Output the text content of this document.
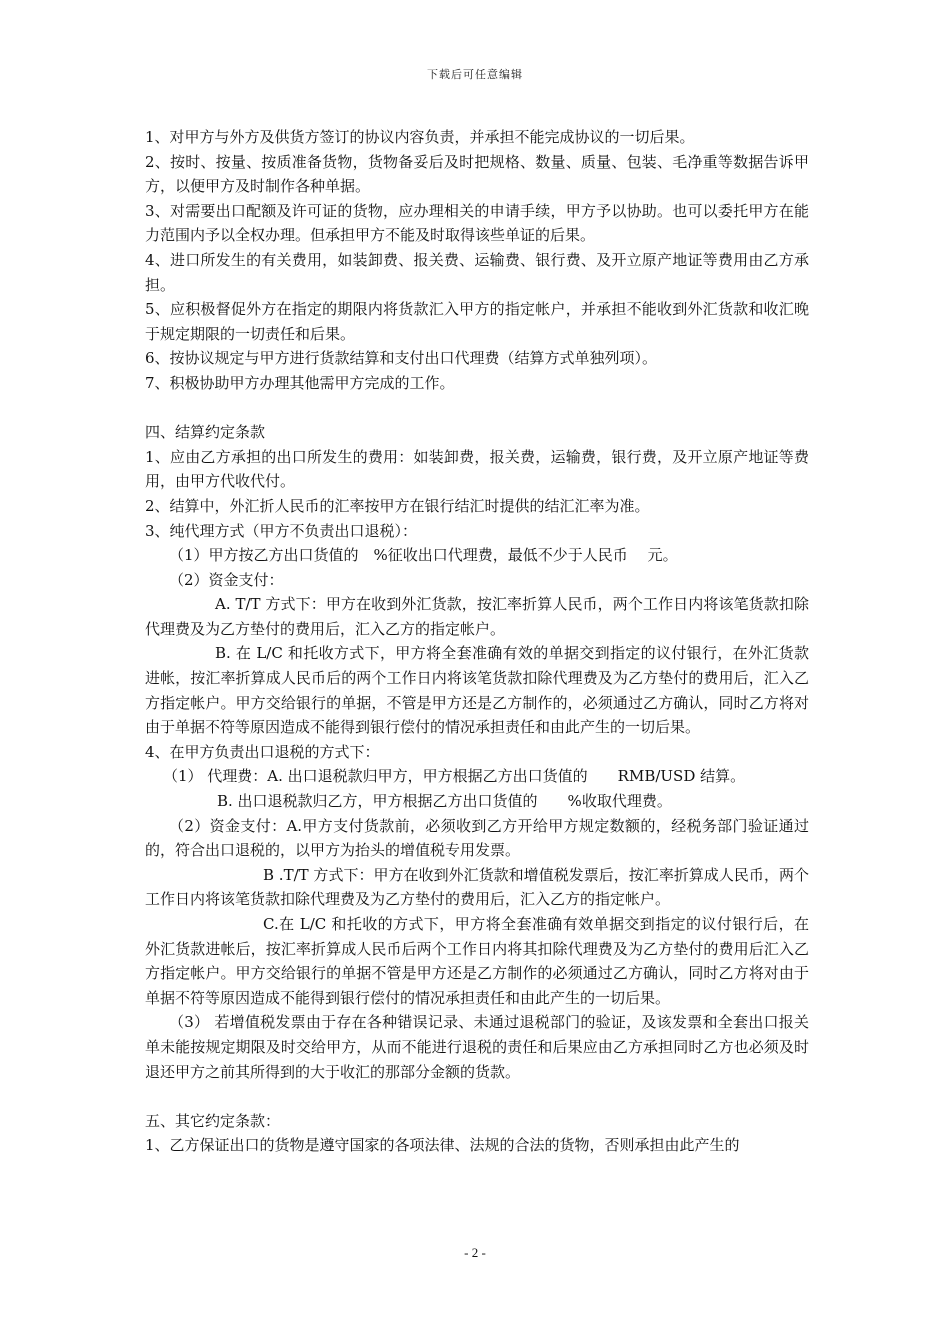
下载后可任意编辑

1、对甲方与外方及供货方签订的协议内容负责，并承担不能完成协议的一切后果。

2、按时、按量、按质准备货物，货物备妥后及时把规格、数量、质量、包装、毛净重等数据告诉甲方，以便甲方及时制作各种单据。

3、对需要出口配额及许可证的货物，应办理相关的申请手续，甲方予以协助。也可以委托甲方在能力范围内予以全权办理。但承担甲方不能及时取得该些单证的后果。

4、进口所发生的有关费用，如装卸费、报关费、运输费、银行费、及开立原产地证等费用由乙方承担。

5、应积极督促外方在指定的期限内将货款汇入甲方的指定帐户，并承担不能收到外汇货款和收汇晚于规定期限的一切责任和后果。

6、按协议规定与甲方进行货款结算和支付出口代理费（结算方式单独列项）。

7、积极协助甲方办理其他需甲方完成的工作。

四、结算约定条款

1、应由乙方承担的出口所发生的费用：如装卸费，报关费，运输费，银行费，及开立原产地证等费用，由甲方代收代付。

2、结算中，外汇折人民币的汇率按甲方在银行结汇时提供的结汇汇率为准。

3、纯代理方式（甲方不负责出口退税）：

（1）甲方按乙方出口货值的　%征收出口代理费，最低不少于人民币　 元。

（2）资金支付：

A. T/T 方式下：甲方在收到外汇货款，按汇率折算人民币，两个工作日内将该笔货款扣除代理费及为乙方垫付的费用后，汇入乙方的指定帐户。

B. 在 L/C 和托收方式下，甲方将全套准确有效的单据交到指定的议付银行，在外汇货款进帐，按汇率折算成人民币后的两个工作日内将该笔货款扣除代理费及为乙方垫付的费用后，汇入乙方指定帐户。甲方交给银行的单据，不管是甲方还是乙方制作的，必须通过乙方确认，同时乙方将对由于单据不符等原因造成不能得到银行偿付的情况承担责任和由此产生的一切后果。

4、在甲方负责出口退税的方式下：

（1） 代理费：A. 出口退税款归甲方，甲方根据乙方出口货值的　　RMB/USD 结算。

B. 出口退税款归乙方，甲方根据乙方出口货值的　　%收取代理费。

（2）资金支付：A.甲方支付货款前，必须收到乙方开给甲方规定数额的，经税务部门验证通过的，符合出口退税的，以甲方为抬头的增值税专用发票。

B .T/T 方式下：甲方在收到外汇货款和增值税发票后，按汇率折算成人民币，两个工作日内将该笔货款扣除代理费及为乙方垫付的费用后，汇入乙方的指定帐户。

C.在 L/C 和托收的方式下，甲方将全套准确有效单据交到指定的议付银行后，在外汇货款进帐后，按汇率折算成人民币后两个工作日内将其扣除代理费及为乙方垫付的费用后汇入乙方指定帐户。甲方交给银行的单据不管是甲方还是乙方制作的必须通过乙方确认，同时乙方将对由于单据不符等原因造成不能得到银行偿付的情况承担责任和由此产生的一切后果。

（3） 若增值税发票由于存在各种错误记录、未通过退税部门的验证，及该发票和全套出口报关单未能按规定期限及时交给甲方，从而不能进行退税的责任和后果应由乙方承担同时乙方也必须及时退还甲方之前其所得到的大于收汇的那部分金额的货款。

五、其它约定条款：

1、乙方保证出口的货物是遵守国家的各项法律、法规的合法的货物，否则承担由此产生的

- 2 -
